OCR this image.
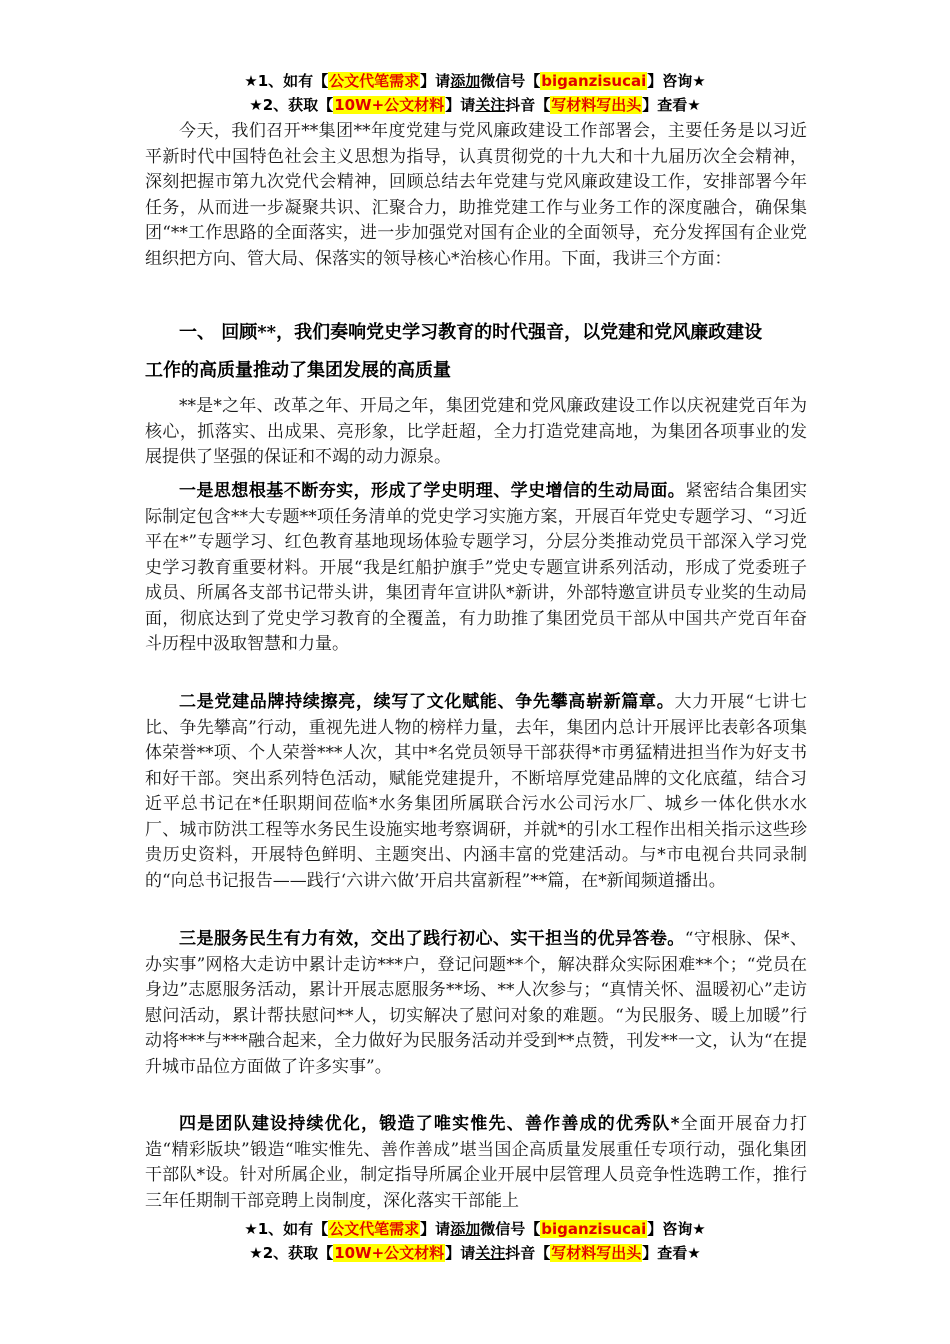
★1、如有【公文代笔需求】请添加微信号【biganzisucai】咨询★
★2、获取【10W+公文材料】请关注抖音【写材料写出头】查看★

今天，我们召开**集团**年度党建与党风廉政建设工作部署会，主要任务是以习近平新时代中国特色社会主义思想为指导，认真贯彻党的十九大和十九届历次全会精神，深刻把握市第九次党代会精神，回顾总结去年党建与党风廉政建设工作，安排部署今年任务，从而进一步凝聚共识、汇聚合力，助推党建工作与业务工作的深度融合，确保集团“**工作思路的全面落实，进一步加强党对国有企业的全面领导，充分发挥国有企业党组织把方向、管大局、保落实的领导核心*治核心作用。下面，我讲三个方面：

一、 回顾**，我们奏响党史学习教育的时代强音，以党建和党风廉政建设
工作的高质量推动了集团发展的高质量

**是*之年、改革之年、开局之年，集团党建和党风廉政建设工作以庆祝建党百年为核心，抓落实、出成果、亮形象，比学赶超，全力打造党建高地，为集团各项事业的发展提供了坚强的保证和不竭的动力源泉。

一是思想根基不断夯实，形成了学史明理、学史增信的生动局面。紧密结合集团实际制定包含**大专题**项任务清单的党史学习实施方案，开展百年党史专题学习、“习近平在*”专题学习、红色教育基地现场体验专题学习，分层分类推动党员干部深入学习党史学习教育重要材料。开展“我是红船护旗手”党史专题宣讲系列活动，形成了党委班子成员、所属各支部书记带头讲，集团青年宣讲队*新讲，外部特邀宣讲员专业奖的生动局面，彻底达到了党史学习教育的全覆盖，有力助推了集团党员干部从中国共产党百年奋斗历程中汲取智慧和力量。

二是党建品牌持续擦亮，续写了文化赋能、争先攀高崭新篇章。大力开展“七讲七比、争先攀高”行动，重视先进人物的榜样力量，去年，集团内总计开展评比表彰各项集体荣誉**项、个人荣誉***人次，其中*名党员领导干部获得*市勇猛精进担当作为好支书和好干部。突出系列特色活动，赋能党建提升，不断培厚党建品牌的文化底蕴，结合习近平总书记在*任职期间莅临*水务集团所属联合污水公司污水厂、城乡一体化供水水厂、城市防洪工程等水务民生设施实地考察调研，并就*的引水工程作出相关指示这些珍贵历史资料，开展特色鲜明、主题突出、内涵丰富的党建活动。与*市电视台共同录制的“向总书记报告——践行‘六讲六做’开启共富新程”**篇，在*新闻频道播出。

三是服务民生有力有效，交出了践行初心、实干担当的优异答卷。“守根脉、保*、办实事”网格大走访中累计走访***户，登记问题**个，解决群众实际困难**个；“党员在身边”志愿服务活动，累计开展志愿服务**场、**人次参与；“真情关怀、温暖初心”走访慰问活动，累计帮扶慰问**人，切实解决了慰问对象的难题。“为民服务、暖上加暖”行动将***与***融合起来，全力做好为民服务活动并受到**点赞，刊发**一文，认为“在提升城市品位方面做了许多实事”。

四是团队建设持续优化，锻造了唯实惟先、善作善成的优秀队*全面开展奋力打造“精彩版块”锻造“唯实惟先、善作善成”堪当国企高质量发展重任专项行动，强化集团干部队*设。针对所属企业，制定指导所属企业开展中层管理人员竞争性选聘工作，推行三年任期制干部竞聘上岗制度，深化落实干部能上

★1、如有【公文代笔需求】请添加微信号【biganzisucai】咨询★
★2、获取【10W+公文材料】请关注抖音【写材料写出头】查看★
